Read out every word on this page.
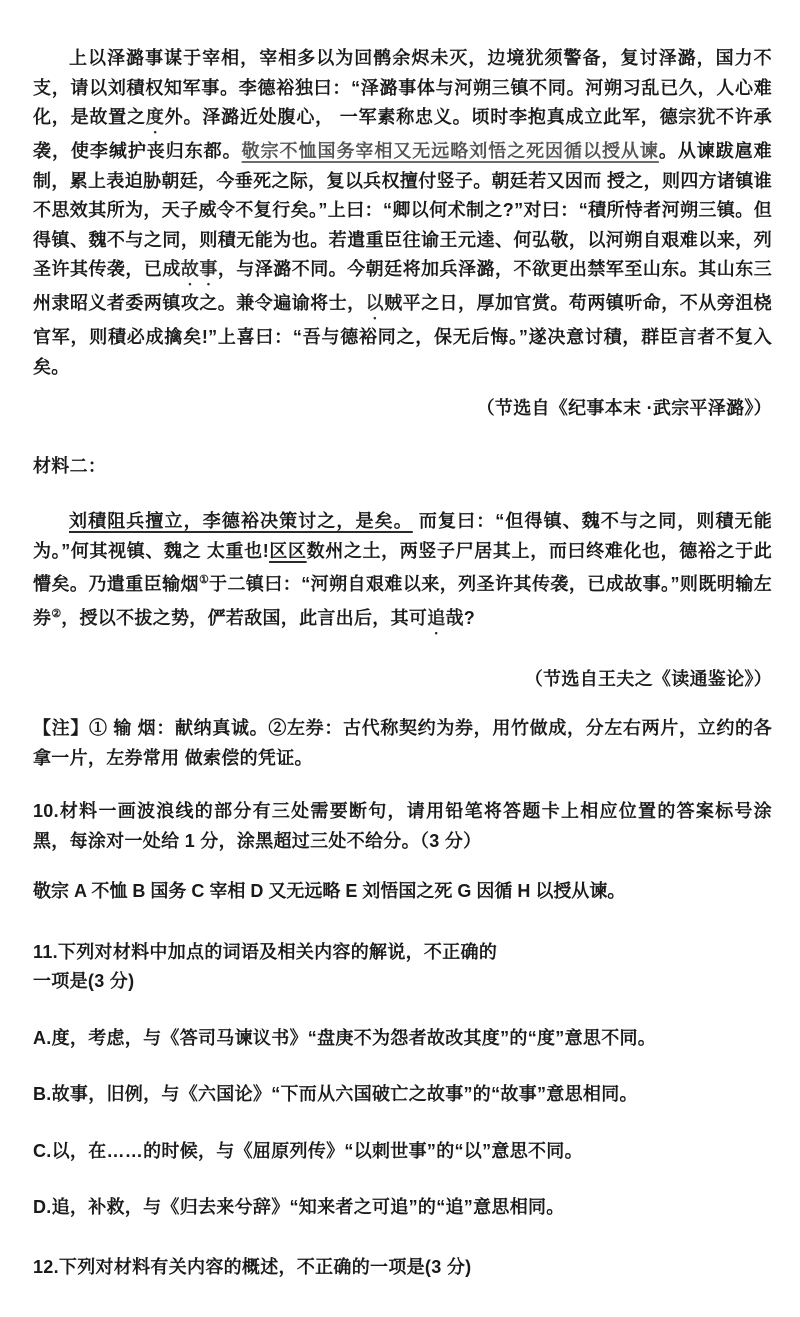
上以泽潞事谋于宰相，宰相多以为回鹘余烬未灭，边境犹须警备，复讨泽潞，国力不支，请以刘積权知军事。李德裕独曰：“泽潞事体与河朔三镇不同。河朔习乱已久，人心难化，是故置之度外。泽潞近处腹心， 一军素称忠义。顷时李抱真成立此军，德宗犹不许承袭，使李缄护丧归东都。敬宗不恤国务宰相又无远略刘悟之死因循以授从谏。从谏跋扈难制，累上表迫胁朝廷，今垂死之际，复以兵权擅付竖子。朝廷若又因而 授之，则四方诸镇谁不思效其所为，天子威令不复行矣。”上曰：“卿以何术制之?”对曰：“積所恃者河朔三镇。但得镇、魏不与之同，则積无能为也。若遣重臣往谕王元逵、何弘敬，以河朔自艰难以来，列圣许其传袭，已成故事，与泽潞不同。今朝廷将加兵泽潞，不欲更出禁军至山东。其山东三州隶昭义者委两镇攻之。兼令遍谕将士，以贼平之日，厚加官赏。苟两镇听命，不从旁沮桡官军，则積必成擒矣!”上喜曰：“吾与德裕同之，保无后悔。”遂决意讨積，群臣言者不复入矣。

（节选自《纪事本末 ·武宗平泽潞》）

材料二：

刘積阻兵擅立，李德裕决策讨之，是矣。 而复曰：“但得镇、魏不与之同，则積无能为。”何其视镇、魏之 太重也!区区数州之土，两竖子尸居其上，而曰终难化也，德裕之于此懵矣。乃遣重臣输烟①于二镇曰：“河朔自艰难以来，列圣许其传袭，已成故事。”则既明输左券②，授以不拔之势，俨若敌国，此言出后，其可追哉?

（节选自王夫之《读通鉴论》）

【注】① 输 烟：献纳真诚。②左券：古代称契约为券，用竹做成，分左右两片，立约的各拿一片，左券常用 做索偿的凭证。

10.材料一画波浪线的部分有三处需要断句，请用铅笔将答题卡上相应位置的答案标号涂黑，每涂对一处给 1 分，涂黑超过三处不给分。（3 分）

敬宗 A 不恤 B 国务 C 宰相 D 又无远略 E 刘悟国之死 G 因循 H 以授从谏。

11.下列对材料中加点的词语及相关内容的解说，不正确的

一项是(3 分)

A.度，考虑，与《答司马谏议书》“盘庚不为怨者故改其度”的“度”意思不同。

B.故事，旧例，与《六国论》“下而从六国破亡之故事”的“故事”意思相同。

C.以，在……的时候，与《屈原列传》“以刺世事”的“以”意思不同。

D.追，补救，与《归去来兮辞》“知来者之可追”的“追”意思相同。

12.下列对材料有关内容的概述，不正确的一项是(3 分)
